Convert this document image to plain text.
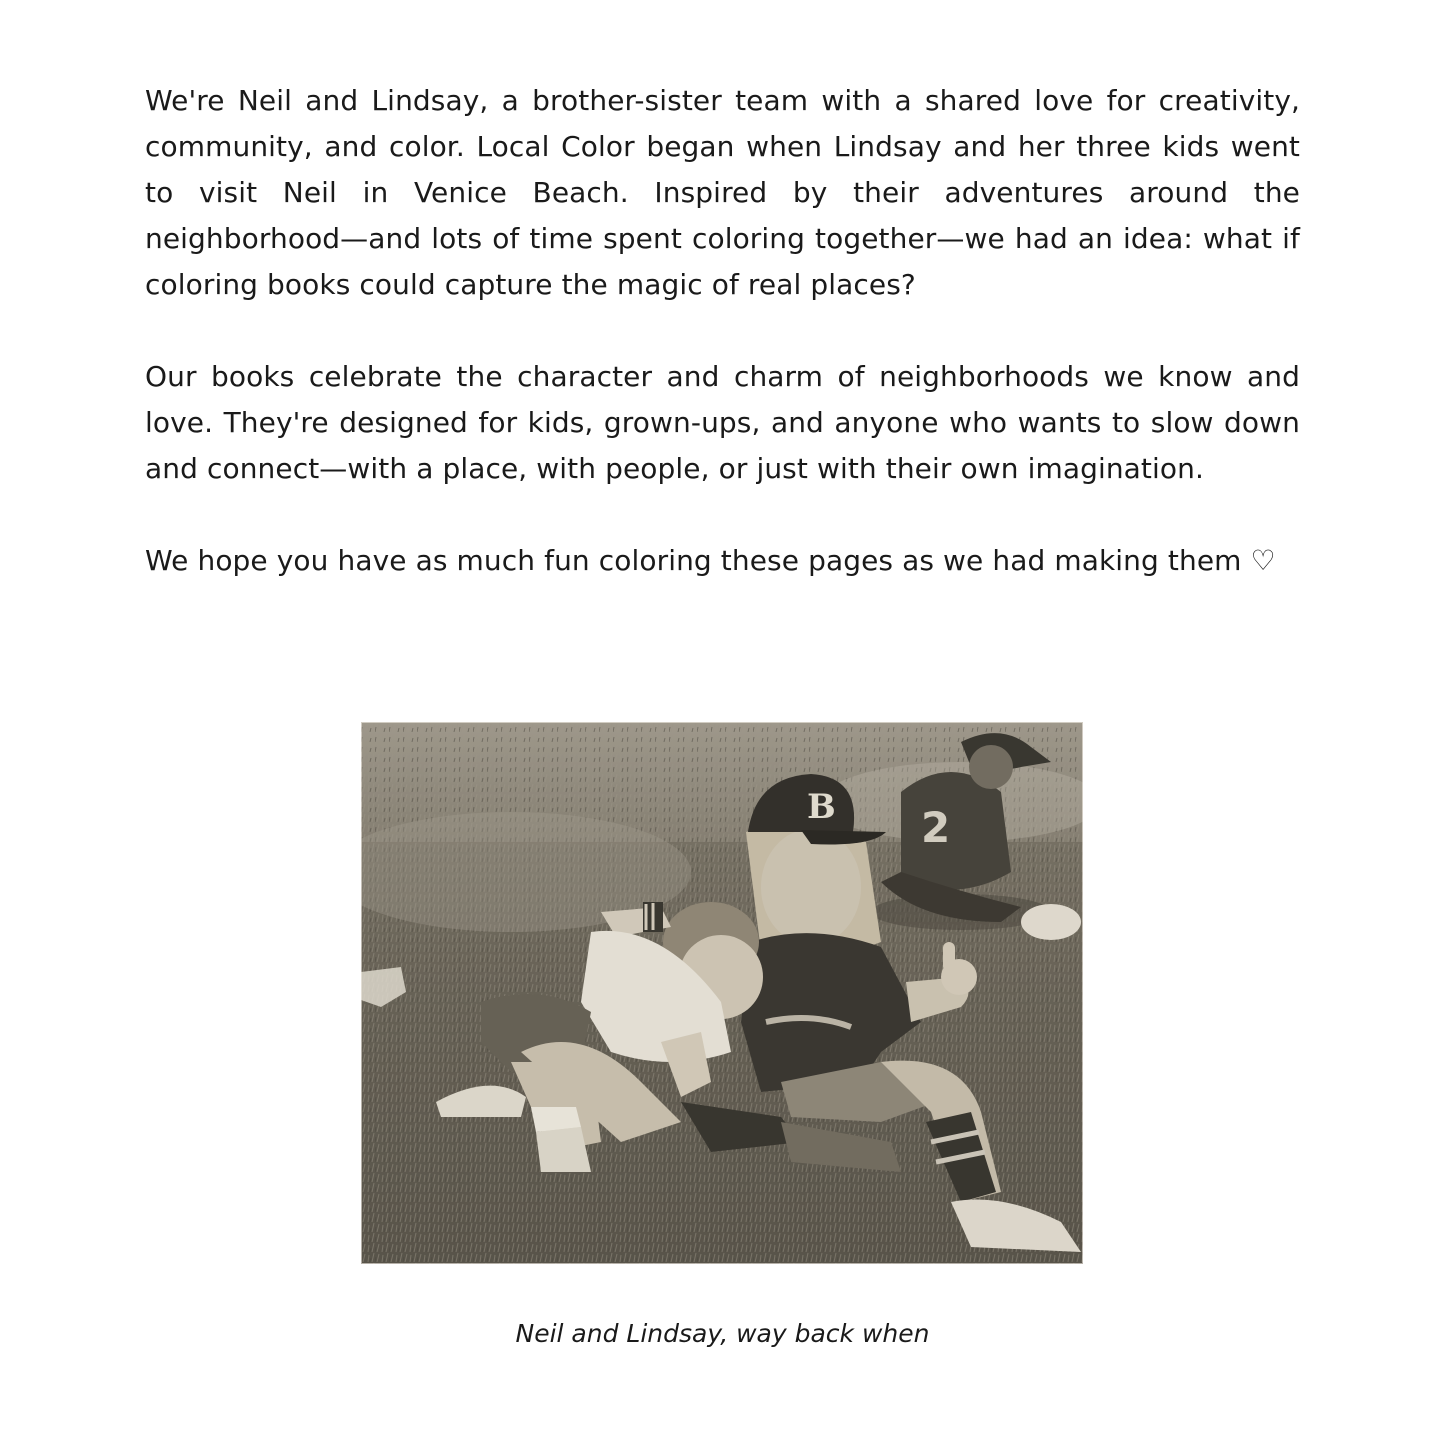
We're Neil and Lindsay, a brother-sister team with a shared love for creativity, community, and color. Local Color began when Lindsay and her three kids went to visit Neil in Venice Beach. Inspired by their adventures around the neighborhood—and lots of time spent coloring together—we had an idea: what if coloring books could capture the magic of real places?

Our books celebrate the character and charm of neighborhoods we know and love. They're designed for kids, grown-ups, and anyone who wants to slow down and connect—with a place, with people, or just with their own imagination.

We hope you have as much fun coloring these pages as we had making them ♡

2
B
Neil and Lindsay, way back when
